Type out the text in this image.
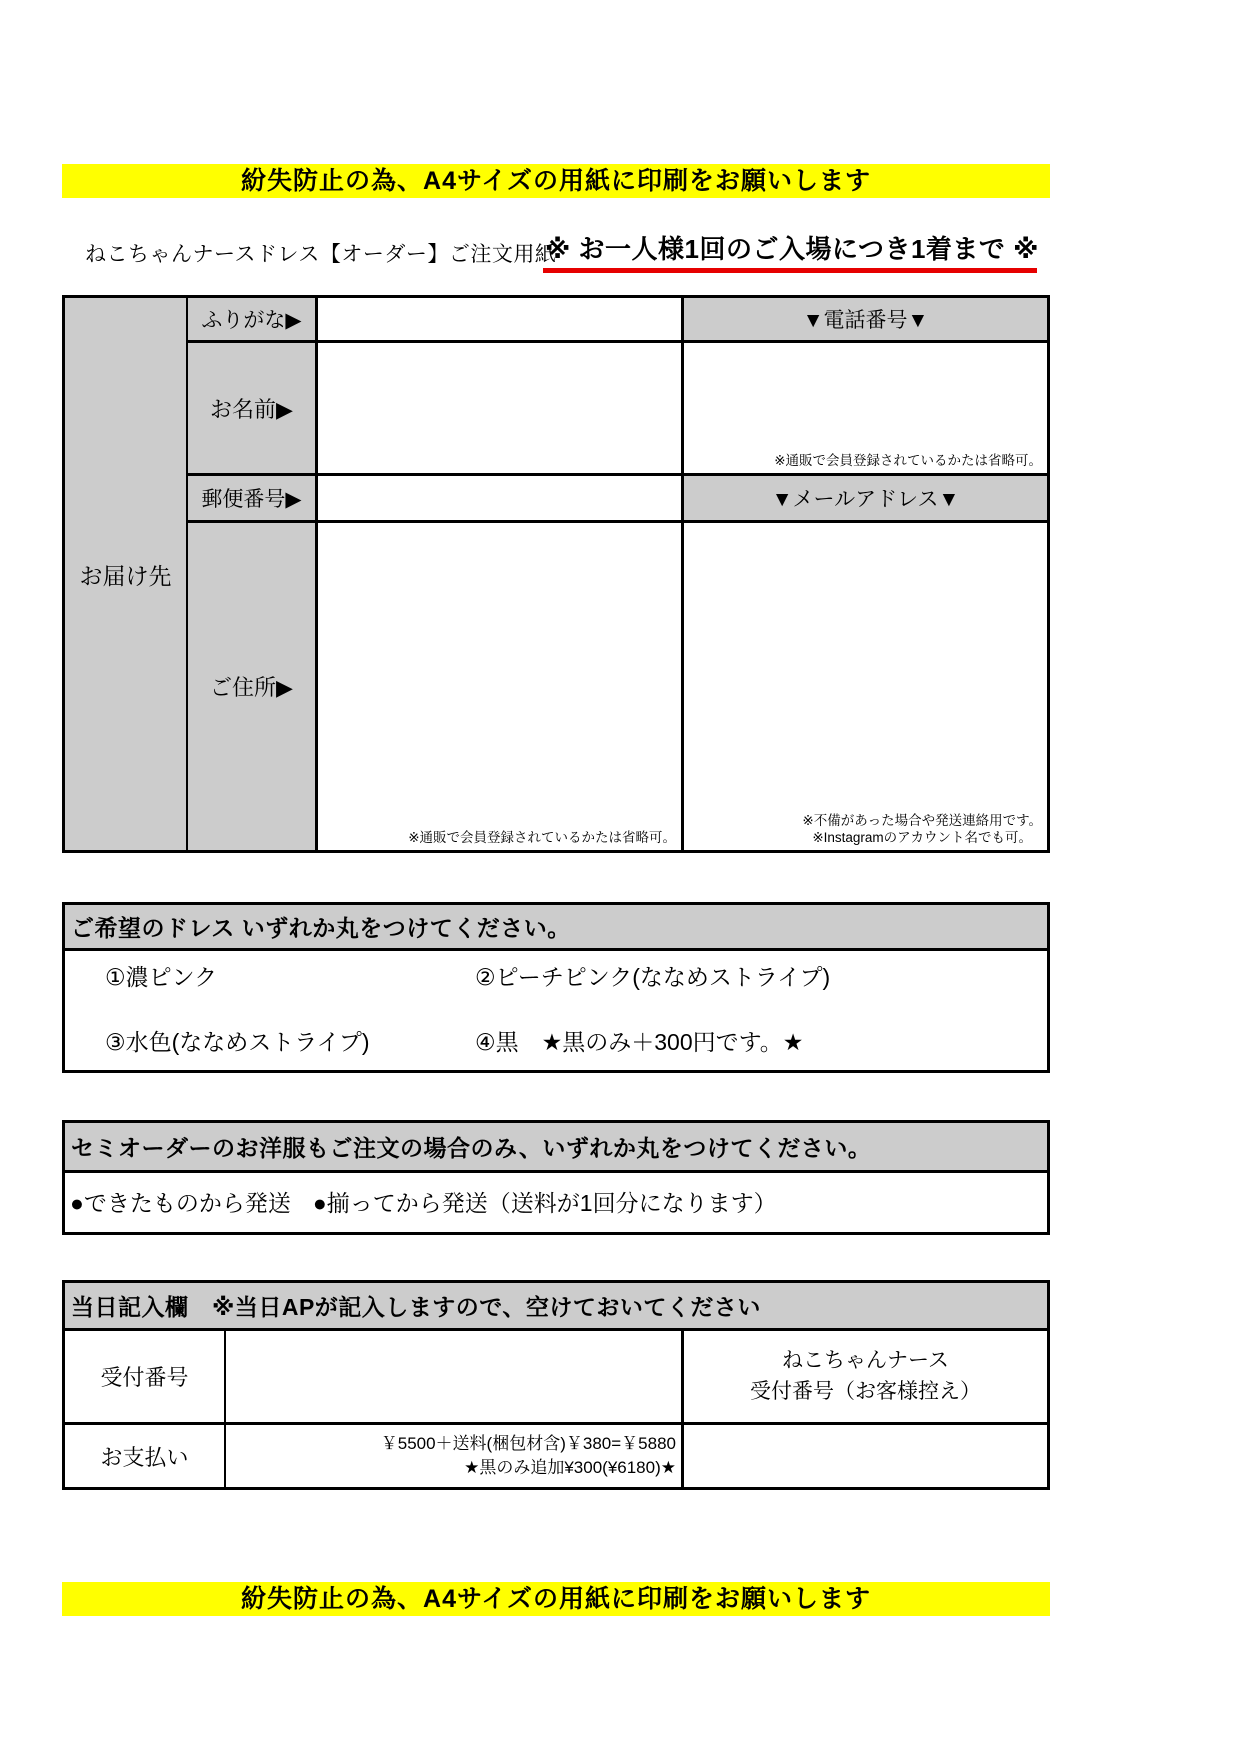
紛失防止の為、A4サイズの用紙に印刷をお願いします
ねこちゃんナースドレス【オーダー】ご注文用紙
※ お一人様1回のご入場につき1着まで ※
※通販で会員登録されているかたは省略可。
※通販で会員登録されているかたは省略可。
※不備があった場合や発送連絡用です。
※Instagramのアカウント名でも可。
お届け先
ふりがな▶
お名前▶
郵便番号▶
ご住所▶
▼電話番号▼
▼メールアドレス▼
ご希望のドレス いずれか丸をつけてください。
①濃ピンク	②ピーチピンク(ななめストライプ)
③水色(ななめストライプ)	④黒　★黒のみ＋300円です。★
セミオーダーのお洋服もご注文の場合のみ、いずれか丸をつけてください。
●できたものから発送 ●揃ってから発送（送料が1回分になります）
当日記入欄　※当日APが記入しますので、空けておいてください
受付番号
ねこちゃんナース
受付番号（お客様控え）
お支払い
￥5500＋送料(梱包材含)￥380=￥5880
★黒のみ追加¥300(¥6180)★
紛失防止の為、A4サイズの用紙に印刷をお願いします
